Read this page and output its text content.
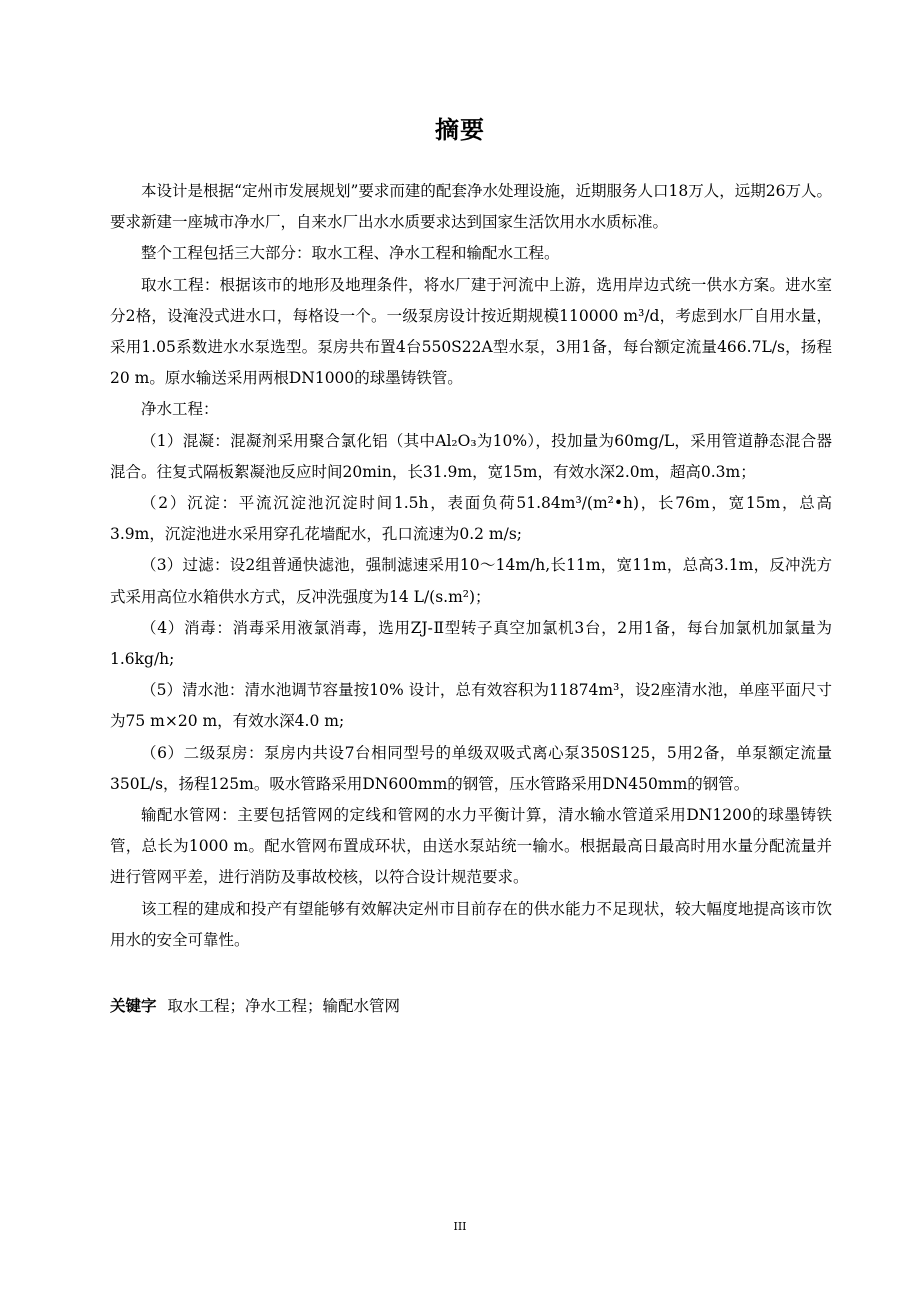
摘要

本设计是根据“定州市发展规划”要求而建的配套净水处理设施，近期服务人口18万人，远期26万人。要求新建一座城市净水厂，自来水厂出水水质要求达到国家生活饮用水水质标准。

整个工程包括三大部分：取水工程、净水工程和输配水工程。

取水工程：根据该市的地形及地理条件，将水厂建于河流中上游，选用岸边式统一供水方案。进水室分2格，设淹没式进水口，每格设一个。一级泵房设计按近期规模110000 m³/d，考虑到水厂自用水量，采用1.05系数进水水泵选型。泵房共布置4台550S22A型水泵，3用1备，每台额定流量466.7L/s，扬程20 m。原水输送采用两根DN1000的球墨铸铁管。

净水工程：

（1）混凝：混凝剂采用聚合氯化铝（其中Al₂O₃为10%），投加量为60mg/L，采用管道静态混合器混合。往复式隔板絮凝池反应时间20min，长31.9m，宽15m，有效水深2.0m，超高0.3m；

（2）沉淀：平流沉淀池沉淀时间1.5h，表面负荷51.84m³/(m²•h)，长76m，宽15m，总高3.9m，沉淀池进水采用穿孔花墙配水，孔口流速为0.2 m/s;

（3）过滤：设2组普通快滤池，强制滤速采用10～14m/h,长11m，宽11m，总高3.1m，反冲洗方式采用高位水箱供水方式，反冲洗强度为14 L/(s.m²)；

（4）消毒：消毒采用液氯消毒，选用ZJ-Ⅱ型转子真空加氯机3台，2用1备，每台加氯机加氯量为1.6kg/h;

（5）清水池：清水池调节容量按10% 设计，总有效容积为11874m³，设2座清水池，单座平面尺寸为75 m×20 m，有效水深4.0 m;

（6）二级泵房：泵房内共设7台相同型号的单级双吸式离心泵350S125，5用2备，单泵额定流量350L/s，扬程125m。吸水管路采用DN600mm的钢管，压水管路采用DN450mm的钢管。

输配水管网：主要包括管网的定线和管网的水力平衡计算，清水输水管道采用DN1200的球墨铸铁管，总长为1000 m。配水管网布置成环状，由送水泵站统一输水。根据最高日最高时用水量分配流量并进行管网平差，进行消防及事故校核，以符合设计规范要求。

该工程的建成和投产有望能够有效解决定州市目前存在的供水能力不足现状，较大幅度地提高该市饮用水的安全可靠性。

关键字 取水工程；净水工程；输配水管网
III
